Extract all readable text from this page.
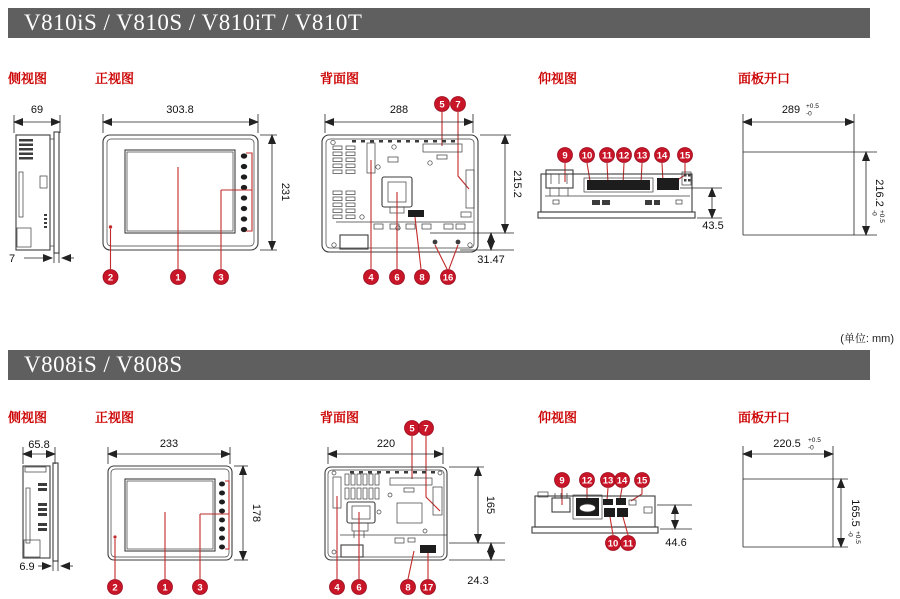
V810iS / V810S / V810iT / V810T
侧视图	正视图	背面图	仰视图	面板开口
69
7
303.8
231
2	1	3
5 7
288
215.2
31.47
4 6 8 16
9 10 11 12 13 14 15
43.5
289 +0.5
-0
216.2
+0.5
-0
(单位: mm)
V808iS / V808S
侧视图	正视图	背面图	仰视图	面板开口
65.8
6.9
233
178
2	1	3
5 7
220
165
24.3
4 6	8 17
9 12 13 14 15
10 11	44.6
220.5 +0.5
-0
165.5
+0.5
-0
